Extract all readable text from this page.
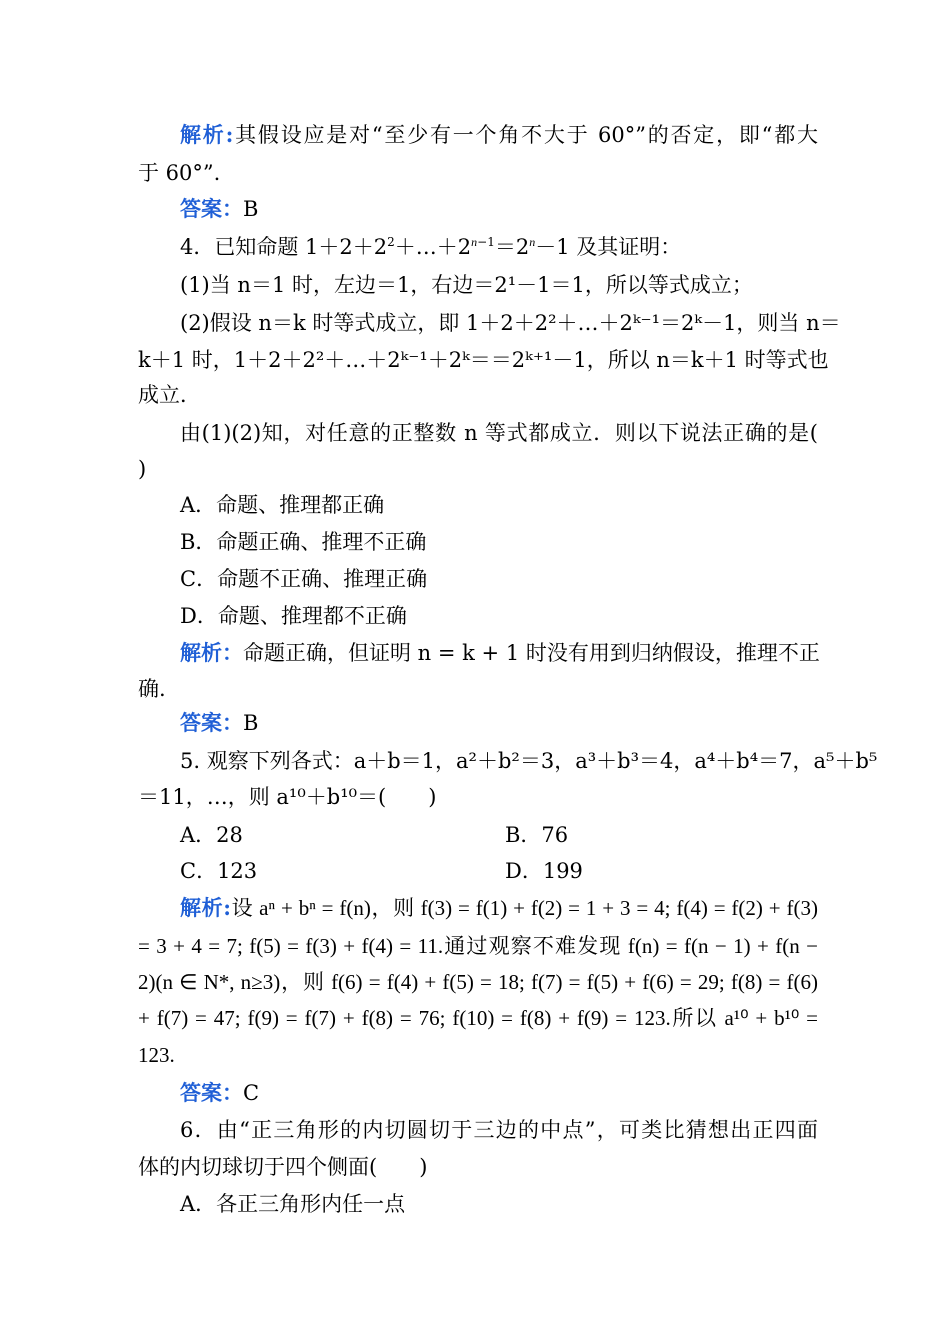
解析:其假设应是对“至少有一个角不大于 60°”的否定，即“都大
于 60°”.
答案：B
4．已知命题 $1+2+2^2+\dots+2^{n-1}=2^n-1$ 及其证明：
(1)当 n＝1 时，左边＝1，右边＝2¹－1＝1，所以等式成立；
(2)假设 n＝k 时等式成立，即 1＋2＋2²＋…＋2ᵏ⁻¹＝2ᵏ－1，则当 n＝
k＋1 时，1＋2＋2²＋…＋2ᵏ⁻¹＋2ᵏ＝＝2ᵏ⁺¹－1，所以 n＝k＋1 时等式也
成立．
由(1)(2)知，对任意的正整数 n 等式都成立．则以下说法正确的是(
)
A．命题、推理都正确
B．命题正确、推理不正确
C．命题不正确、推理正确
D．命题、推理都不正确
解析：命题正确，但证明 n = k + 1 时没有用到归纳假设，推理不正
确.
答案：B
5. 观察下列各式：a＋b＝1，a²＋b²＝3，a³＋b³＝4，a⁴＋b⁴＝7，a⁵＋b⁵
＝11，…，则 a¹⁰＋b¹⁰＝(　　)
A．28	B．76
C．123	D．199
解析:设 aⁿ + bⁿ = f(n)，则 f(3) = f(1) + f(2) = 1 + 3 = 4; f(4) = f(2) + f(3)
= 3 + 4 = 7; f(5) = f(3) + f(4) = 11.通过观察不难发现 f(n) = f(n − 1) + f(n −
2)(n ∈ N*, n≥3)，则 f(6) = f(4) + f(5) = 18; f(7) = f(5) + f(6) = 29; f(8) = f(6)
+ f(7) = 47; f(9) = f(7) + f(8) = 76; f(10) = f(8) + f(9) = 123.所以 a¹⁰ + b¹⁰ =
123.
答案：C
6．由“正三角形的内切圆切于三边的中点”，可类比猜想出正四面
体的内切球切于四个侧面(　　)
A．各正三角形内任一点
